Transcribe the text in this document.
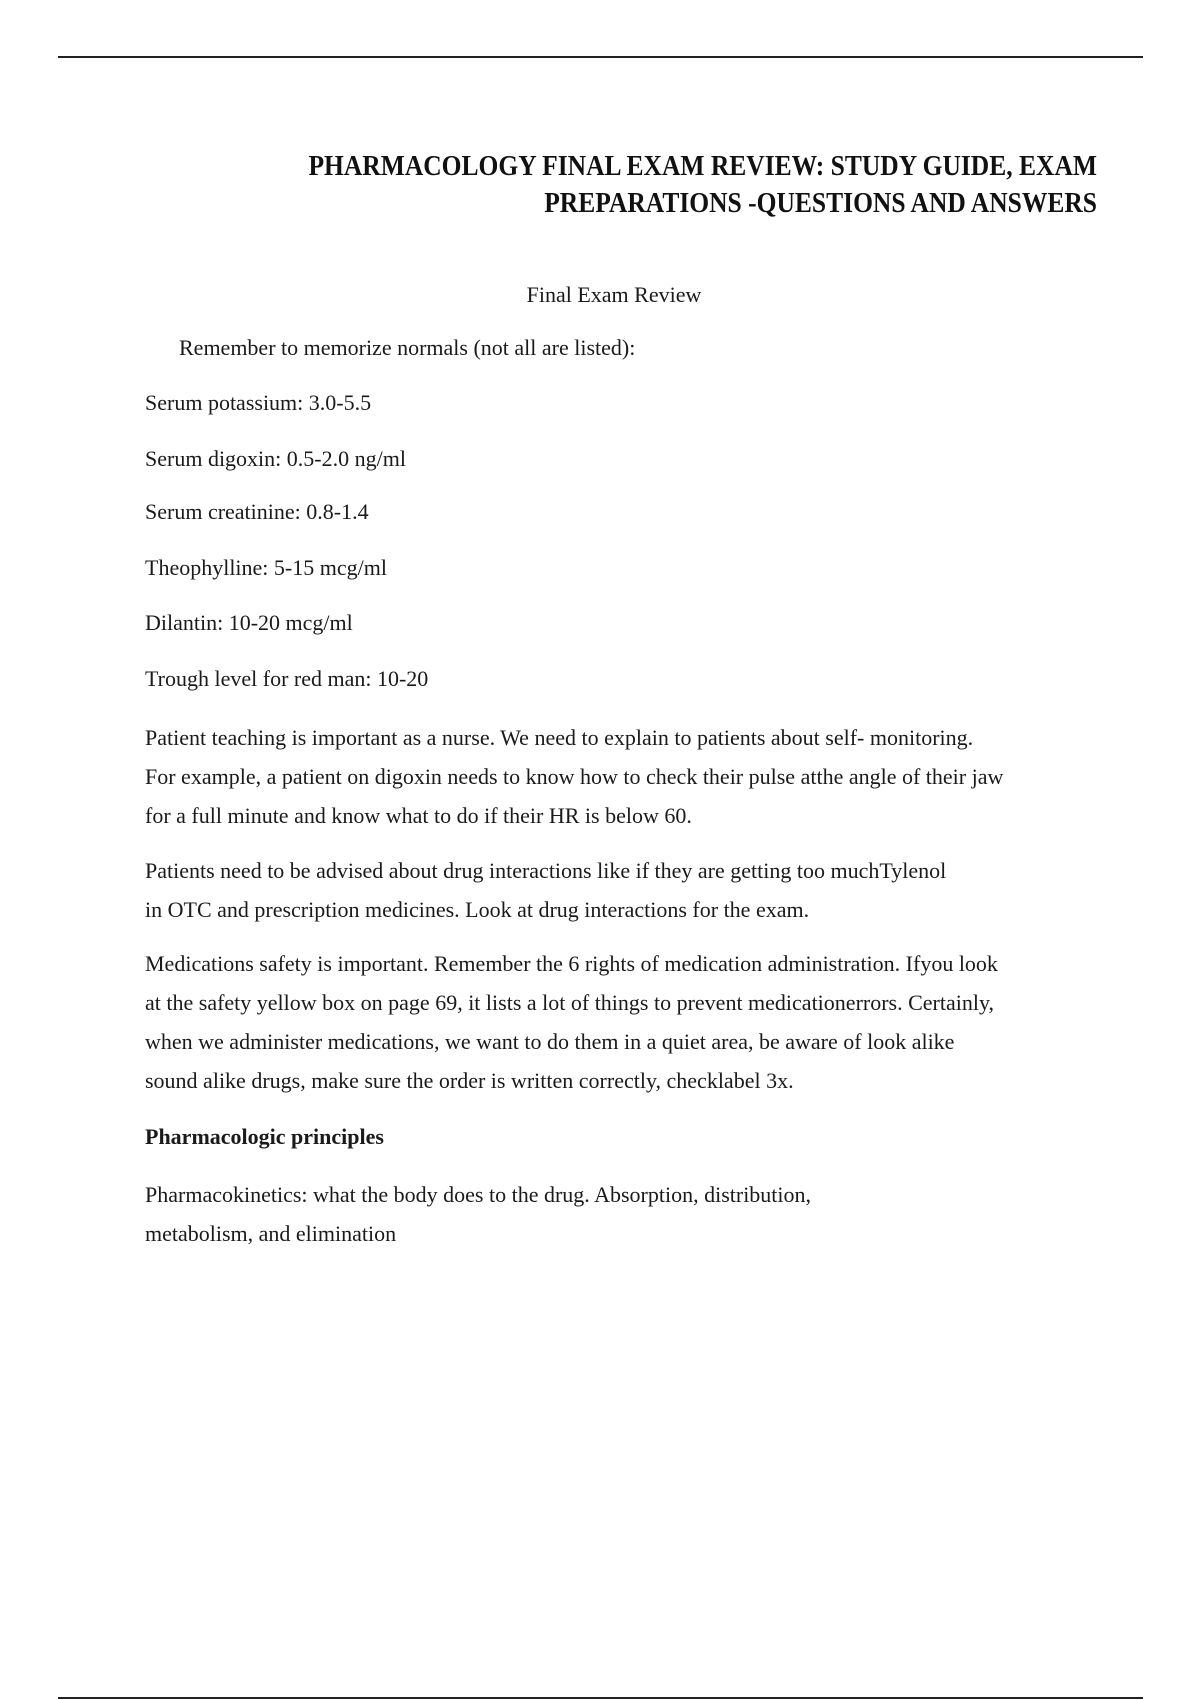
PHARMACOLOGY FINAL EXAM REVIEW: STUDY GUIDE, EXAM
PREPARATIONS -QUESTIONS AND ANSWERS
Final Exam Review
Remember to memorize normals (not all are listed):
Serum potassium: 3.0-5.5
Serum digoxin: 0.5-2.0 ng/ml
Serum creatinine: 0.8-1.4
Theophylline: 5-15 mcg/ml
Dilantin: 10-20 mcg/ml
Trough level for red man: 10-20
Patient teaching is important as a nurse. We need to explain to patients about self- monitoring.
For example, a patient on digoxin needs to know how to check their pulse atthe angle of their jaw
for a full minute and know what to do if their HR is below 60.
Patients need to be advised about drug interactions like if they are getting too muchTylenol
in OTC and prescription medicines. Look at drug interactions for the exam.
Medications safety is important. Remember the 6 rights of medication administration. Ifyou look
at the safety yellow box on page 69, it lists a lot of things to prevent medicationerrors. Certainly,
when we administer medications, we want to do them in a quiet area, be aware of look alike
sound alike drugs, make sure the order is written correctly, checklabel 3x.
Pharmacologic principles
Pharmacokinetics: what the body does to the drug. Absorption, distribution,
metabolism, and elimination
